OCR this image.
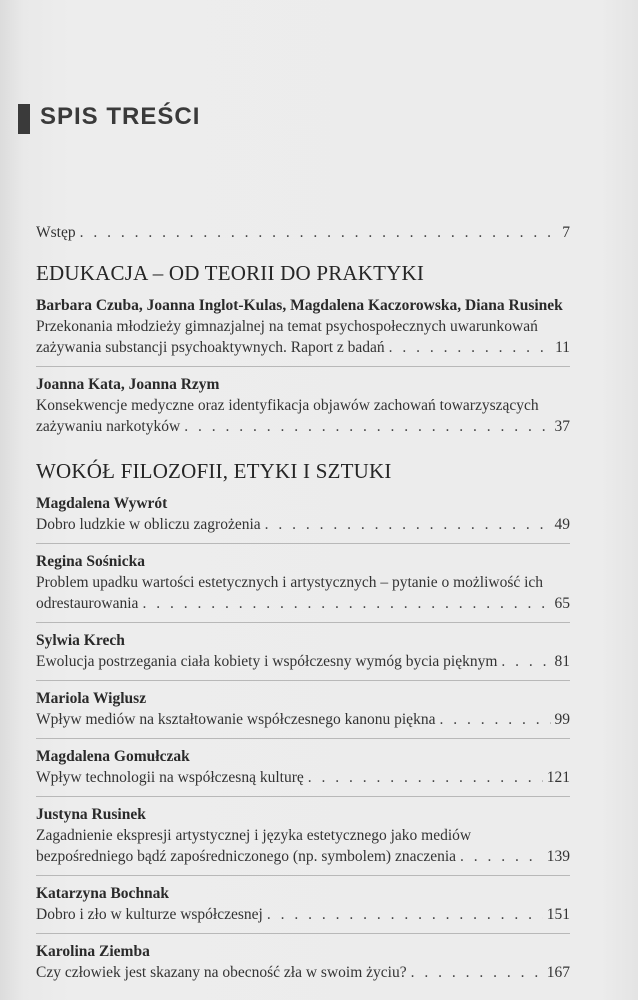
SPIS TREŚCI
Wstęp . . .	7
EDUKACJA – OD TEORII DO PRAKTYKI
Barbara Czuba, Joanna Inglot-Kulas, Magdalena Kaczorowska, Diana Rusinek
Przekonania młodzieży gimnazjalnej na temat psychospołecznych uwarunkowań
zażywania substancji psychoaktywnych. Raport z badań . . .	11
Joanna Kata, Joanna Rzym
Konsekwencje medyczne oraz identyfikacja objawów zachowań towarzyszących
zażywaniu narkotyków . . .	37
WOKÓŁ FILOZOFII, ETYKI I SZTUKI
Magdalena Wywrót
Dobro ludzkie w obliczu zagrożenia . . .	49
Regina Sośnicka
Problem upadku wartości estetycznych i artystycznych – pytanie o możliwość ich
odrestaurowania . . .	65
Sylwia Krech
Ewolucja postrzegania ciała kobiety i współczesny wymóg bycia pięknym . . .	81
Mariola Wiglusz
Wpływ mediów na kształtowanie współczesnego kanonu piękna . . .	99
Magdalena Gomułczak
Wpływ technologii na współczesną kulturę . . .	121
Justyna Rusinek
Zagadnienie ekspresji artystycznej i języka estetycznego jako mediów
bezpośredniego bądź zapośredniczonego (np. symbolem) znaczenia . . .	139
Katarzyna Bochnak
Dobro i zło w kulturze współczesnej . . .	151
Karolina Ziemba
Czy człowiek jest skazany na obecność zła w swoim życiu? . . .	167
